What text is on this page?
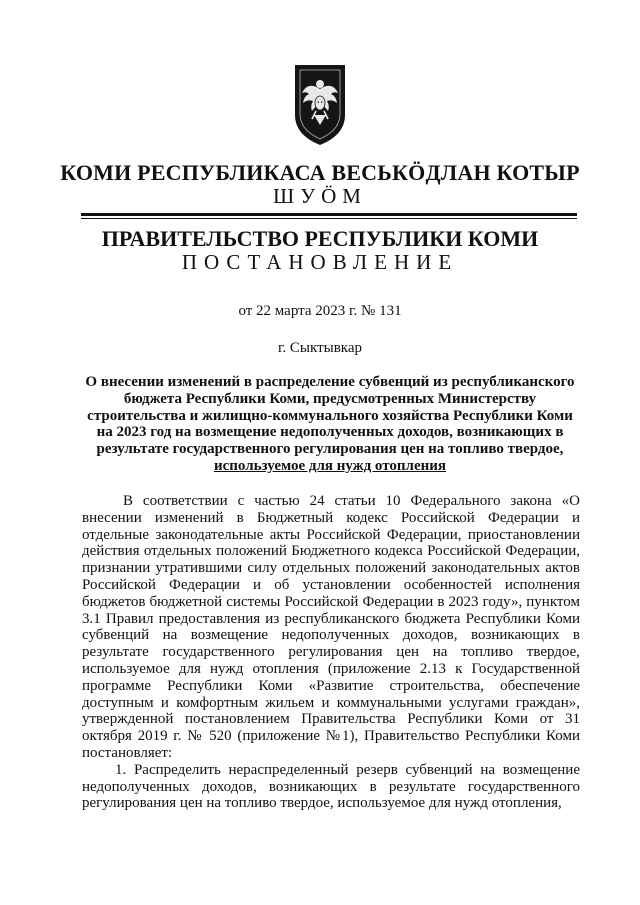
КОМИ РЕСПУБЛИКАСА ВЕСЬКӦДЛАН КОТЫР
ШУӦМ
ПРАВИТЕЛЬСТВО РЕСПУБЛИКИ КОМИ
ПОСТАНОВЛЕНИЕ
от 22 марта 2023 г. № 131
г. Сыктывкар
О внесении изменений в распределение субвенций из республиканского бюджета Республики Коми, предусмотренных Министерству строительства и жилищно-коммунального хозяйства Республики Коми на 2023 год на возмещение недополученных доходов, возникающих в результате государственного регулирования цен на топливо твердое, используемое для нужд отопления

В соответствии с частью 24 статьи 10 Федерального закона «О внесении изменений в Бюджетный кодекс Российской Федерации и отдельные законодательные акты Российской Федерации, приостановлении действия отдельных положений Бюджетного кодекса Российской Федерации, признании утратившими силу отдельных положений законодательных актов Российской Федерации и об установлении особенностей исполнения бюджетов бюджетной системы Российской Федерации в 2023 году», пунктом 3.1 Правил предоставления из республиканского бюджета Республики Коми субвенций на возмещение недополученных доходов, возникающих в результате государственного регулирования цен на топливо твердое, используемое для нужд отопления (приложение 2.13 к Государственной программе Республики Коми «Развитие строительства, обеспечение доступным и комфортным жильем и коммунальными услугами граждан», утвержденной постановлением Правительства Республики Коми от 31 октября 2019 г. № 520 (приложение №1), Правительство Республики Коми постановляет:

1. Распределить нераспределенный резерв субвенций на возмещение недополученных доходов, возникающих в результате государственного регулирования цен на топливо твердое, используемое для нужд отопления,
